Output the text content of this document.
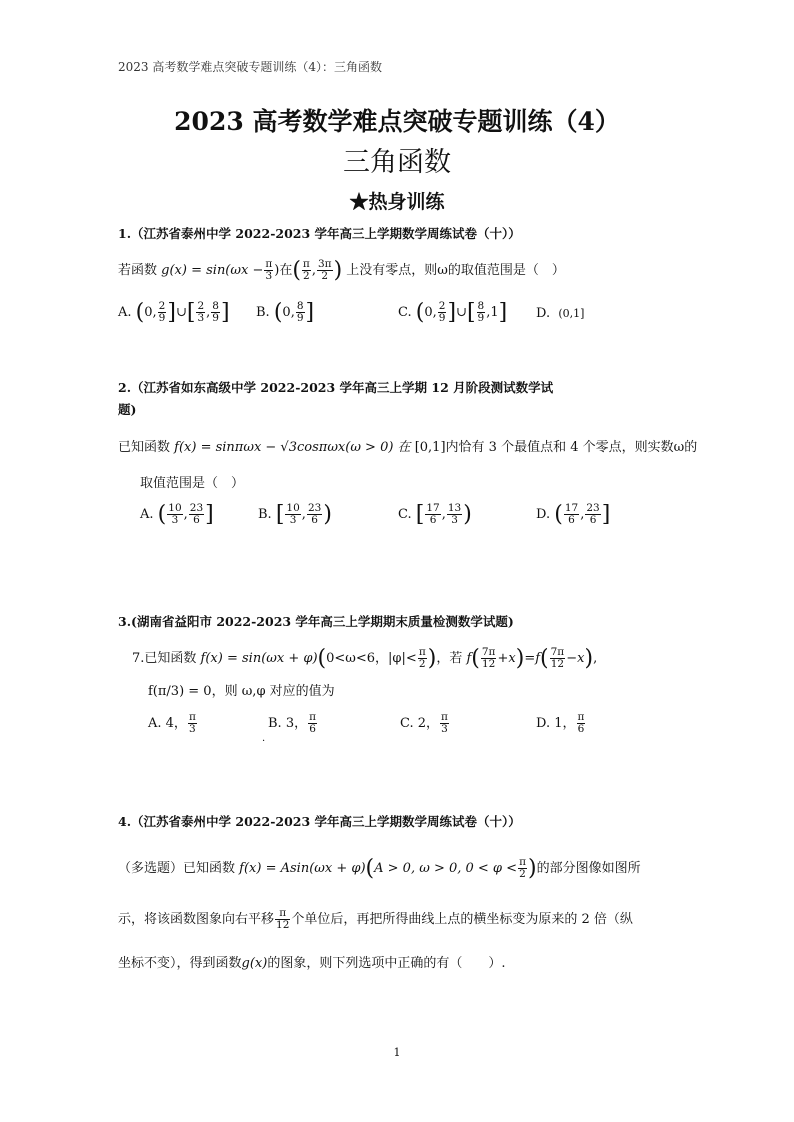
2023 高考数学难点突破专题训练（4）：三角函数
2023 高考数学难点突破专题训练（4）
三角函数
★热身训练
1.（江苏省泰州中学 2022-2023 学年高三上学期数学周练试卷（十））
若函数 $g(x) = \sin(\omega x - \frac{\pi}{3}$ )在( $\frac{\pi}{2}$ , $\frac{3\pi}{2}$ ) 上没有零点，则ω的取值范围是（　）
A. (0, $\frac{2}{9}$ ]∪[ $\frac{2}{3}$ , $\frac{8}{9}$ ] B. (0, $\frac{8}{9}$ ]	C. (0, $\frac{2}{9}$ ]∪[ $\frac{8}{9} ,1$] D. (0,1]
2.（江苏省如东高级中学 2022-2023 学年高三上学期 12 月阶段测试数学试
题)
已知函数 f(x) = sinπωx − √3cosπωx(ω > 0) 在 [0,1]内恰有 3 个最值点和 4 个零点，则实数ω的
取值范围是（　）
A. ( $\frac{10}{3}$ , $\frac{23}{6}$ ]	B. [ $\frac{10}{3}$ , $\frac{23}{6}$ )	C. [ $\frac{17}{6}$ , $\frac{13}{3}$ )	D. ( $\frac{17}{6}$ , $\frac{23}{6}$ ]
3.(湖南省益阳市 2022-2023 学年高三上学期期末质量检测数学试题)
7.已知函数 f(x) = sin(ωx + φ)(0<ω<6，$|\varphi|< \frac{\pi}{2}$ )，若 $f( \frac{7\pi}{12} +x)=f( \frac{7\pi}{12} -x)$,
f(π/3) = 0，则 ω,φ 对应的值为
A. 4， $\frac{\pi}{3}$	B. 3， $\frac{\pi}{6}$	C. 2， $\frac{\pi}{3}$	D. 1， $\frac{\pi}{6}$
·
4.（江苏省泰州中学 2022-2023 学年高三上学期数学周练试卷（十））
（多选题）已知函数 f(x) = Asin(ωx + φ)(A > 0, ω > 0, $0 < \varphi < \frac{\pi}{2}$ )的部分图像如图所
示，将该函数图象向右平移 $\frac{\pi}{12}$ 个单位后，再把所得曲线上点的横坐标变为原来的 2 倍（纵
坐标不变），得到函数g(x)的图象，则下列选项中正确的有（　　）.
1
